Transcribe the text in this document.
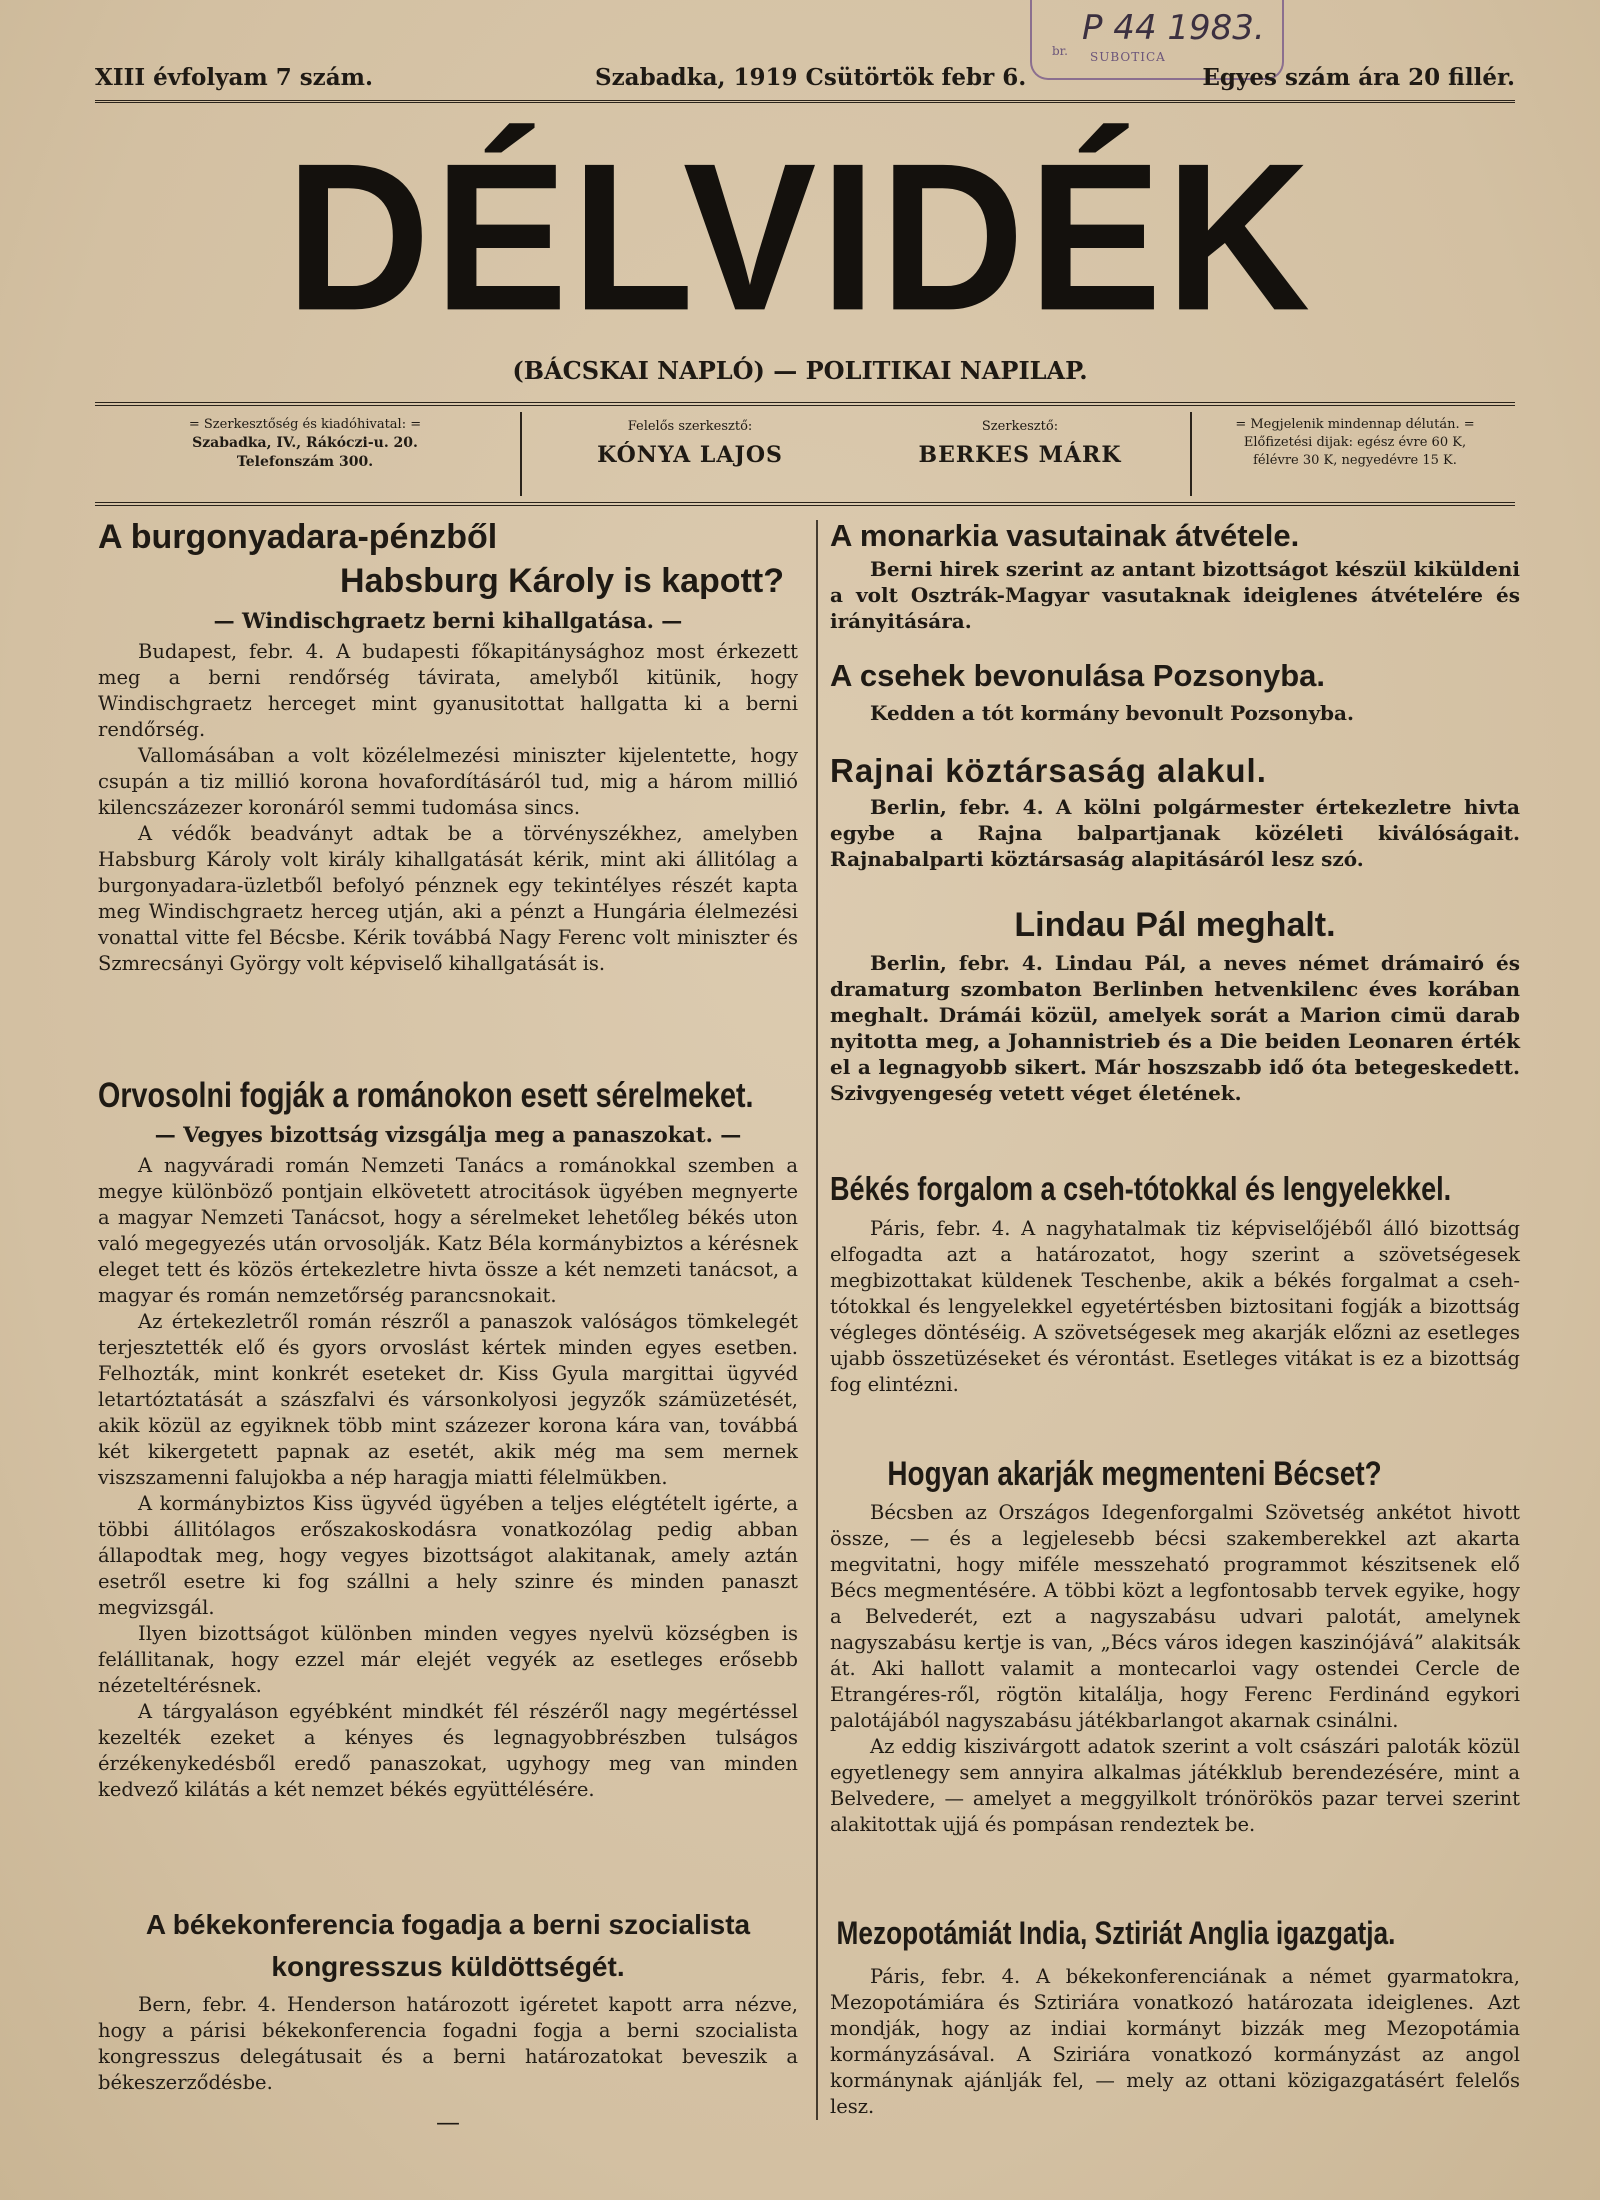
P 44 1983.
br. SUBOTICA
XIII évfolyam 7 szám.	Szabadka, 1919 Csütörtök febr 6.	Egyes szám ára 20 fillér.
DÉLVIDÉK
(BÁCSKAI NAPLÓ) — POLITIKAI NAPILAP.
= Szerkesztőség és kiadóhivatal: =
Szabadka, IV., Rákóczi-u. 20.
Telefonszám 300.
Felelős szerkesztő:
KÓNYA LAJOS
Szerkesztő:
BERKES MÁRK
= Megjelenik mindennap délután. =
Előfizetési dijak: egész évre 60 K,
félévre 30 K, negyedévre 15 K.
A burgonyadara-pénzből
Habsburg Károly is kapott?
— Windischgraetz berni kihallgatása. —

Budapest, febr. 4. A budapesti főkapitánysághoz most érkezett meg a berni rendőrség távirata, amelyből kitünik, hogy Windischgraetz herceget mint gyanusitottat hallgatta ki a berni rendőrség.

Vallomásában a volt közélelmezési miniszter kijelentette, hogy csupán a tiz millió korona hovafordításáról tud, mig a három millió kilencszázezer koronáról semmi tudomása sincs.

A védők beadványt adtak be a törvényszékhez, amelyben Habsburg Károly volt király kihallgatását kérik, mint aki állitólag a burgonyadara-üzletből befolyó pénznek egy tekintélyes részét kapta meg Windischgraetz herceg utján, aki a pénzt a Hungária élelmezési vonattal vitte fel Bécsbe. Kérik továbbá Nagy Ferenc volt miniszter és Szmrecsányi György volt képviselő kihallgatását is.

Orvosolni fogják a románokon esett sérelmeket.
— Vegyes bizottság vizsgálja meg a panaszokat. —

A nagyváradi román Nemzeti Tanács a románokkal szemben a megye különböző pontjain elkövetett atrocitások ügyében megnyerte a magyar Nemzeti Tanácsot, hogy a sérelmeket lehetőleg békés uton való megegyezés után orvosolják. Katz Béla kormánybiztos a kérésnek eleget tett és közös értekezletre hivta össze a két nemzeti tanácsot, a magyar és román nemzetőrség parancsnokait.

Az értekezletről román részről a panaszok valóságos tömkelegét terjesztették elő és gyors orvoslást kértek minden egyes esetben. Felhozták, mint konkrét eseteket dr. Kiss Gyula margittai ügyvéd letartóztatását a szászfalvi és vársonkolyosi jegyzők számüzetését, akik közül az egyiknek több mint százezer korona kára van, továbbá két kikergetett papnak az esetét, akik még ma sem mernek viszszamenni falujokba a nép haragja miatti félelmükben.

A kormánybiztos Kiss ügyvéd ügyében a teljes elégtételt igérte, a többi állitólagos erőszakoskodásra vonatkozólag pedig abban állapodtak meg, hogy vegyes bizottságot alakitanak, amely aztán esetről esetre ki fog szállni a hely szinre és minden panaszt megvizsgál.

Ilyen bizottságot különben minden vegyes nyelvü községben is felállitanak, hogy ezzel már elejét vegyék az esetleges erősebb nézeteltérésnek.

A tárgyaláson egyébként mindkét fél részéről nagy megértéssel kezelték ezeket a kényes és legnagyobbrészben tulságos érzékenykedésből eredő panaszokat, ugyhogy meg van minden kedvező kilátás a két nemzet békés együttélésére.

A békekonferencia fogadja a berni szocialista
kongresszus küldöttségét.

Bern, febr. 4. Henderson határozott igéretet kapott arra nézve, hogy a párisi békekonferencia fogadni fogja a berni szocialista kongresszus delegátusait és a berni határozatokat beveszik a békeszerződésbe.

—
A monarkia vasutainak átvétele.

Berni hirek szerint az antant bizottságot készül kiküldeni a volt Osztrák-Magyar vasutaknak ideiglenes átvételére és irányitására.

A csehek bevonulása Pozsonyba.

Kedden a tót kormány bevonult Pozsonyba.

Rajnai köztársaság alakul.

Berlin, febr. 4. A kölni polgármester értekezletre hivta egybe a Rajna balpartjanak közéleti kiválóságait. Rajnabalparti köztársaság alapitásáról lesz szó.

Lindau Pál meghalt.

Berlin, febr. 4. Lindau Pál, a neves német drámairó és dramaturg szombaton Berlinben hetvenkilenc éves korában meghalt. Drámái közül, amelyek sorát a Marion cimü darab nyitotta meg, a Johannistrieb és a Die beiden Leonaren érték el a legnagyobb sikert. Már hoszszabb idő óta betegeskedett. Szivgyengeség vetett véget életének.

Békés forgalom a cseh-tótokkal és lengyelekkel.

Páris, febr. 4. A nagyhatalmak tiz képviselőjéből álló bizottság elfogadta azt a határozatot, hogy szerint a szövetségesek megbizottakat küldenek Teschenbe, akik a békés forgalmat a cseh-tótokkal és lengyelekkel egyetértésben biztositani fogják a bizottság végleges döntéséig. A szövetségesek meg akarják előzni az esetleges ujabb összetüzéseket és vérontást. Esetleges vitákat is ez a bizottság fog elintézni.

Hogyan akarják megmenteni Bécset?

Bécsben az Országos Idegenforgalmi Szövetség ankétot hivott össze, — és a legjelesebb bécsi szakemberekkel azt akarta megvitatni, hogy miféle messzeható programmot készitsenek elő Bécs megmentésére. A többi közt a legfontosabb tervek egyike, hogy a Belvederét, ezt a nagyszabásu udvari palotát, amelynek nagyszabásu kertje is van, „Bécs város idegen kaszinójává” alakitsák át. Aki hallott valamit a montecarloi vagy ostendei Cercle de Etrangéres-ről, rögtön kitalálja, hogy Ferenc Ferdinánd egykori palotájából nagyszabásu játékbarlangot akarnak csinálni.

Az eddig kiszivárgott adatok szerint a volt császári paloták közül egyetlenegy sem annyira alkalmas játékklub berendezésére, mint a Belvedere, — amelyet a meggyilkolt trónörökös pazar tervei szerint alakitottak ujjá és pompásan rendeztek be.

Mezopotámiát India, Sztiriát Anglia igazgatja.

Páris, febr. 4. A békekonferenciának a német gyarmatokra, Mezopotámiára és Sztiriára vonatkozó határozata ideiglenes. Azt mondják, hogy az indiai kormányt bizzák meg Mezopotámia kormányzásával. A Sziriára vonatkozó kormányzást az angol kormánynak ajánlják fel, — mely az ottani közigazgatásért felelős lesz.
